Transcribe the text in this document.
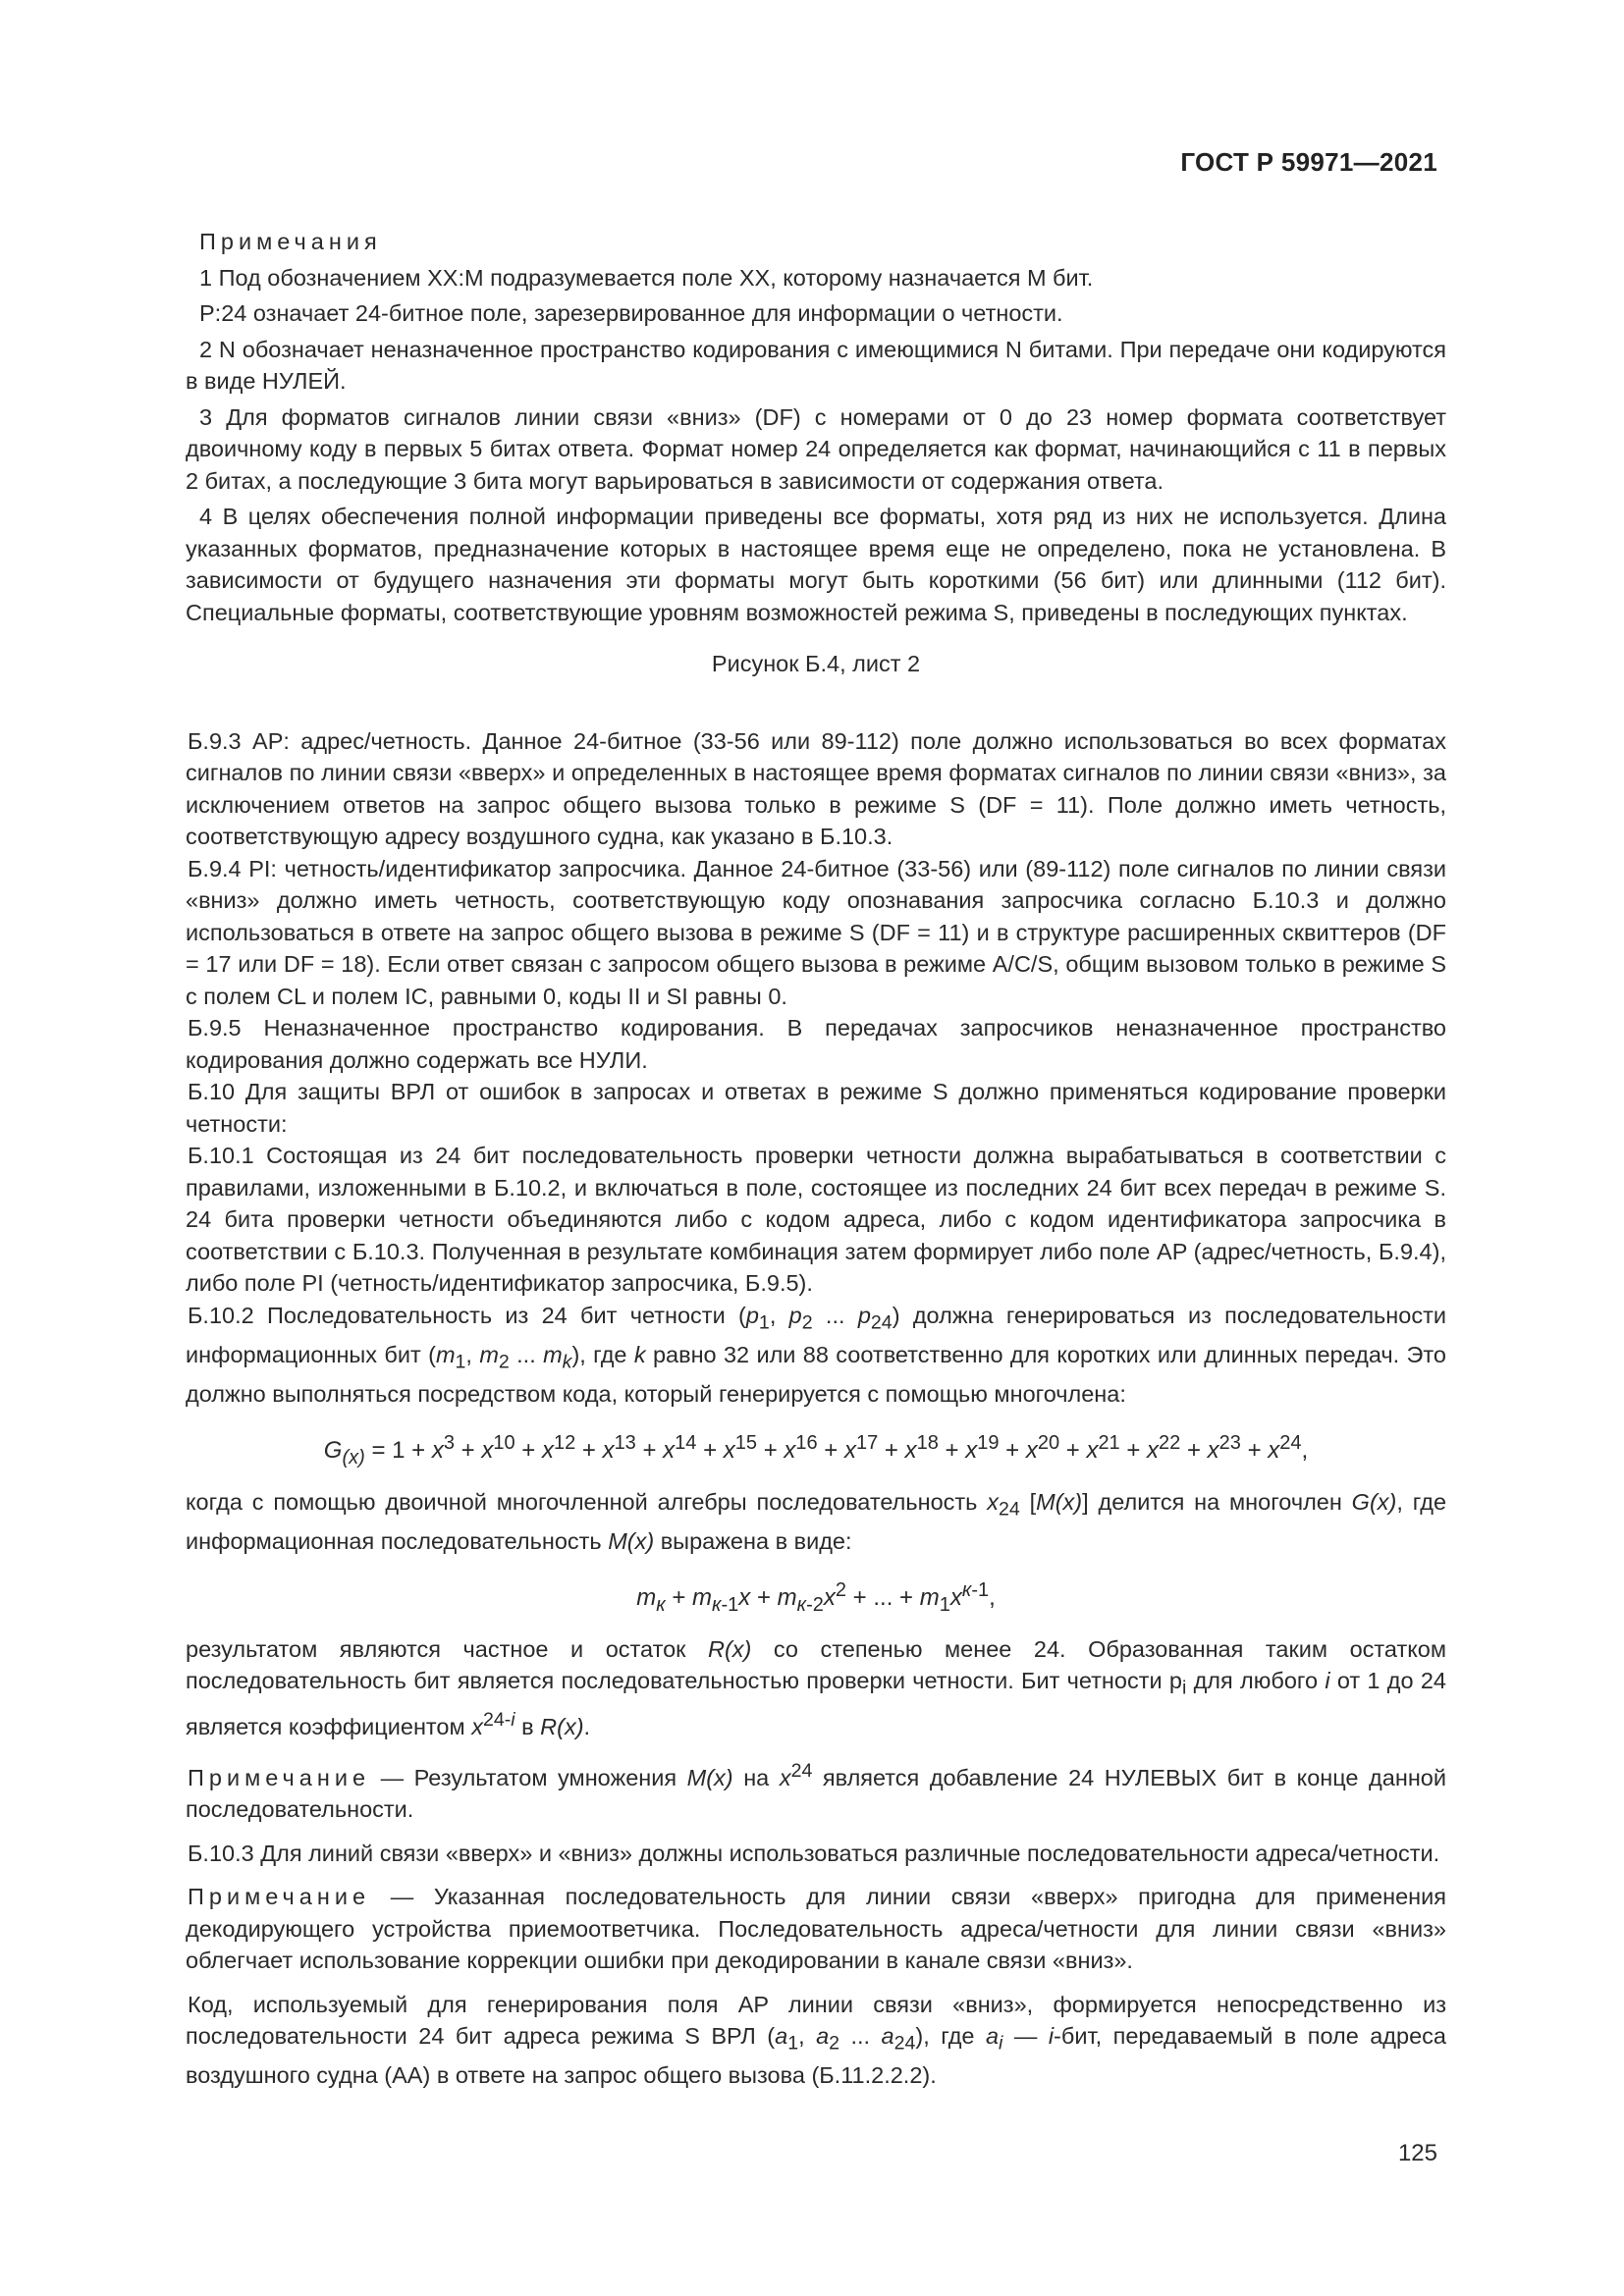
ГОСТ Р 59971—2021

Примечания

1 Под обозначением XX:M подразумевается поле XX, которому назначается M бит.

P:24 означает 24-битное поле, зарезервированное для информации о четности.

2 N обозначает неназначенное пространство кодирования с имеющимися N битами. При передаче они кодируются в виде НУЛЕЙ.

3 Для форматов сигналов линии связи «вниз» (DF) с номерами от 0 до 23 номер формата соответствует двоичному коду в первых 5 битах ответа. Формат номер 24 определяется как формат, начинающийся с 11 в первых 2 битах, а последующие 3 бита могут варьироваться в зависимости от содержания ответа.

4 В целях обеспечения полной информации приведены все форматы, хотя ряд из них не используется. Длина указанных форматов, предназначение которых в настоящее время еще не определено, пока не установлена. В зависимости от будущего назначения эти форматы могут быть короткими (56 бит) или длинными (112 бит). Специальные форматы, соответствующие уровням возможностей режима S, приведены в последующих пунктах.

Рисунок Б.4, лист 2

Б.9.3 AP: адрес/четность. Данное 24-битное (33-56 или 89-112) поле должно использоваться во всех форматах сигналов по линии связи «вверх» и определенных в настоящее время форматах сигналов по линии связи «вниз», за исключением ответов на запрос общего вызова только в режиме S (DF = 11). Поле должно иметь четность, соответствующую адресу воздушного судна, как указано в Б.10.3.

Б.9.4 PI: четность/идентификатор запросчика. Данное 24-битное (33-56) или (89-112) поле сигналов по линии связи «вниз» должно иметь четность, соответствующую коду опознавания запросчика согласно Б.10.3 и должно использоваться в ответе на запрос общего вызова в режиме S (DF = 11) и в структуре расширенных сквиттеров (DF = 17 или DF = 18). Если ответ связан с запросом общего вызова в режиме A/C/S, общим вызовом только в режиме S с полем CL и полем IC, равными 0, коды II и SI равны 0.

Б.9.5 Неназначенное пространство кодирования. В передачах запросчиков неназначенное пространство кодирования должно содержать все НУЛИ.

Б.10 Для защиты ВРЛ от ошибок в запросах и ответах в режиме S должно применяться кодирование проверки четности:

Б.10.1 Состоящая из 24 бит последовательность проверки четности должна вырабатываться в соответствии с правилами, изложенными в Б.10.2, и включаться в поле, состоящее из последних 24 бит всех передач в режиме S. 24 бита проверки четности объединяются либо с кодом адреса, либо с кодом идентификатора запросчика в соответствии с Б.10.3. Полученная в результате комбинация затем формирует либо поле AP (адрес/четность, Б.9.4), либо поле PI (четность/идентификатор запросчика, Б.9.5).

Б.10.2 Последовательность из 24 бит четности ($p_1$, $p_2$ ... $p_{24}$) должна генерироваться из последовательности информационных бит ($m_1$, $m_2$ ... $m_k$), где k равно 32 или 88 соответственно для коротких или длинных передач. Это должно выполняться посредством кода, который генерируется с помощью многочлена:

$G_{(x)} = 1 + x^3 + x^{10} + x^{12} + x^{13} + x^{14} + x^{15} + x^{16} + x^{17} + x^{18} + x^{19} + x^{20} + x^{21} + x^{22} + x^{23} + x^{24}$,

когда с помощью двоичной многочленной алгебры последовательность $x_{24}$ [M(x)] делится на многочлен G(x), где информационная последовательность M(x) выражена в виде:

$m_к + m_{к-1}x + m_{к-2}x^2$ + ... + $m_1x^{к-1}$,

результатом являются частное и остаток R(x) со степенью менее 24. Образованная таким остатком последовательность бит является последовательностью проверки четности. Бит четности $p_i$ для любого i от 1 до 24 является коэффициентом $x^{24-i}$ в R(x).

Примечание — Результатом умножения M(x) на $x^{24}$ является добавление 24 НУЛЕВЫХ бит в конце данной последовательности.

Б.10.3 Для линий связи «вверх» и «вниз» должны использоваться различные последовательности адреса/четности.

Примечание — Указанная последовательность для линии связи «вверх» пригодна для применения декодирующего устройства приемоответчика. Последовательность адреса/четности для линии связи «вниз» облегчает использование коррекции ошибки при декодировании в канале связи «вниз».

Код, используемый для генерирования поля AP линии связи «вниз», формируется непосредственно из последовательности 24 бит адреса режима S ВРЛ ($a_1$, $a_2$ ... $a_{24}$), где $a_i$ — i-бит, передаваемый в поле адреса воздушного судна (AA) в ответе на запрос общего вызова (Б.11.2.2.2).

125
